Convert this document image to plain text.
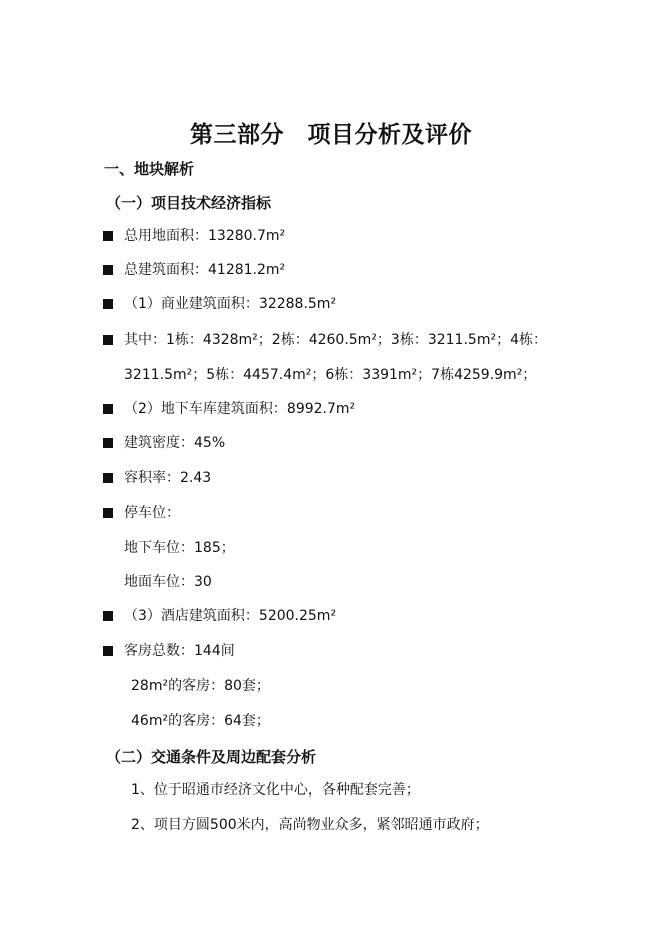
第三部分　项目分析及评价
一、地块解析
（一）项目技术经济指标
总用地面积：13280.7m²
总建筑面积：41281.2m²
（1）商业建筑面积：32288.5m²
其中：1栋：4328m²；2栋：4260.5m²；3栋：3211.5m²；4栋：
3211.5m²；5栋：4457.4m²；6栋：3391m²；7栋4259.9m²；
（2）地下车库建筑面积：8992.7m²
建筑密度：45%
容积率：2.43
停车位：
地下车位：185；
地面车位：30
（3）酒店建筑面积：5200.25m²
客房总数：144间
28m²的客房：80套；
46m²的客房：64套；
（二）交通条件及周边配套分析
1、位于昭通市经济文化中心，各种配套完善；
2、项目方圆500米内，高尚物业众多，紧邻昭通市政府；
